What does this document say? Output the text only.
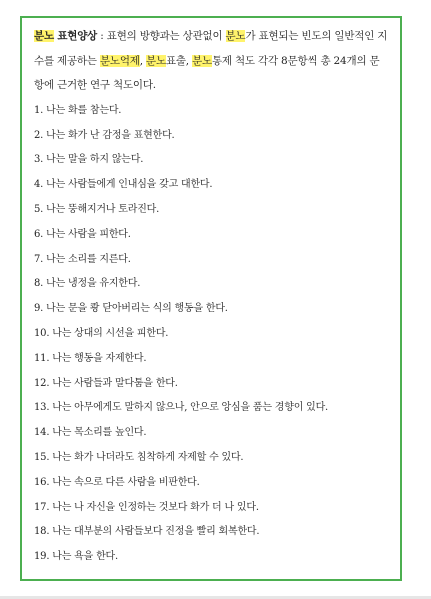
분노 표현양상 : 표현의 방향과는 상관없이 분노가 표현되는 빈도의 일반적인 지수를 제공하는 분노억제, 분노표출, 분노통제 척도 각각 8문항씩 총 24개의 문항에 근거한 연구 척도이다.

1. 나는 화를 참는다.
2. 나는 화가 난 감정을 표현한다.
3. 나는 말을 하지 않는다.
4. 나는 사람들에게 인내심을 갖고 대한다.
5. 나는 뚱해지거나 토라진다.
6. 나는 사람을 피한다.
7. 나는 소리를 지른다.
8. 나는 냉정을 유지한다.
9. 나는 문을 쾅 닫아버리는 식의 행동을 한다.
10. 나는 상대의 시선을 피한다.
11. 나는 행동을 자제한다.
12. 나는 사람들과 말다툼을 한다.
13. 나는 아무에게도 말하지 않으나, 안으로 앙심을 품는 경향이 있다.
14. 나는 목소리를 높인다.
15. 나는 화가 나더라도 침착하게 자제할 수 있다.
16. 나는 속으로 다른 사람을 비판한다.
17. 나는 나 자신을 인정하는 것보다 화가 더 나 있다.
18. 나는 대부분의 사람들보다 진정을 빨리 회복한다.
19. 나는 욕을 한다.
